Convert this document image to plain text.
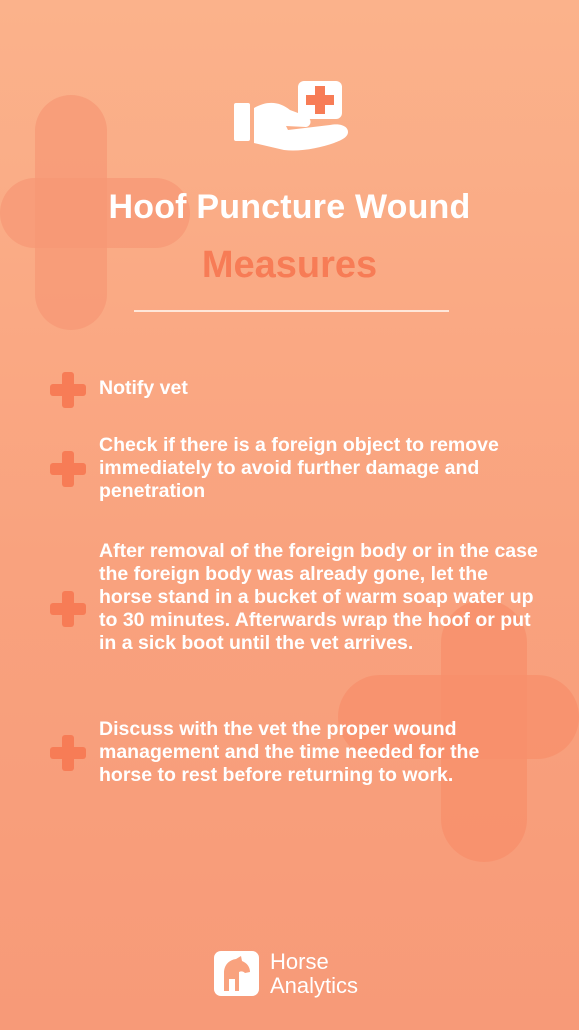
Hoof Puncture Wound
Measures

Notify vet

Check if there is a foreign object to remove immediately to avoid further damage and penetration

After removal of the foreign body or in the case the foreign body was already gone, let the horse stand in a bucket of warm soap water up to 30 minutes. Afterwards wrap the hoof or put in a sick boot until the vet arrives.

Discuss with the vet the proper wound management and the time needed for the horse to rest before returning to work.

Horse
Analytics
